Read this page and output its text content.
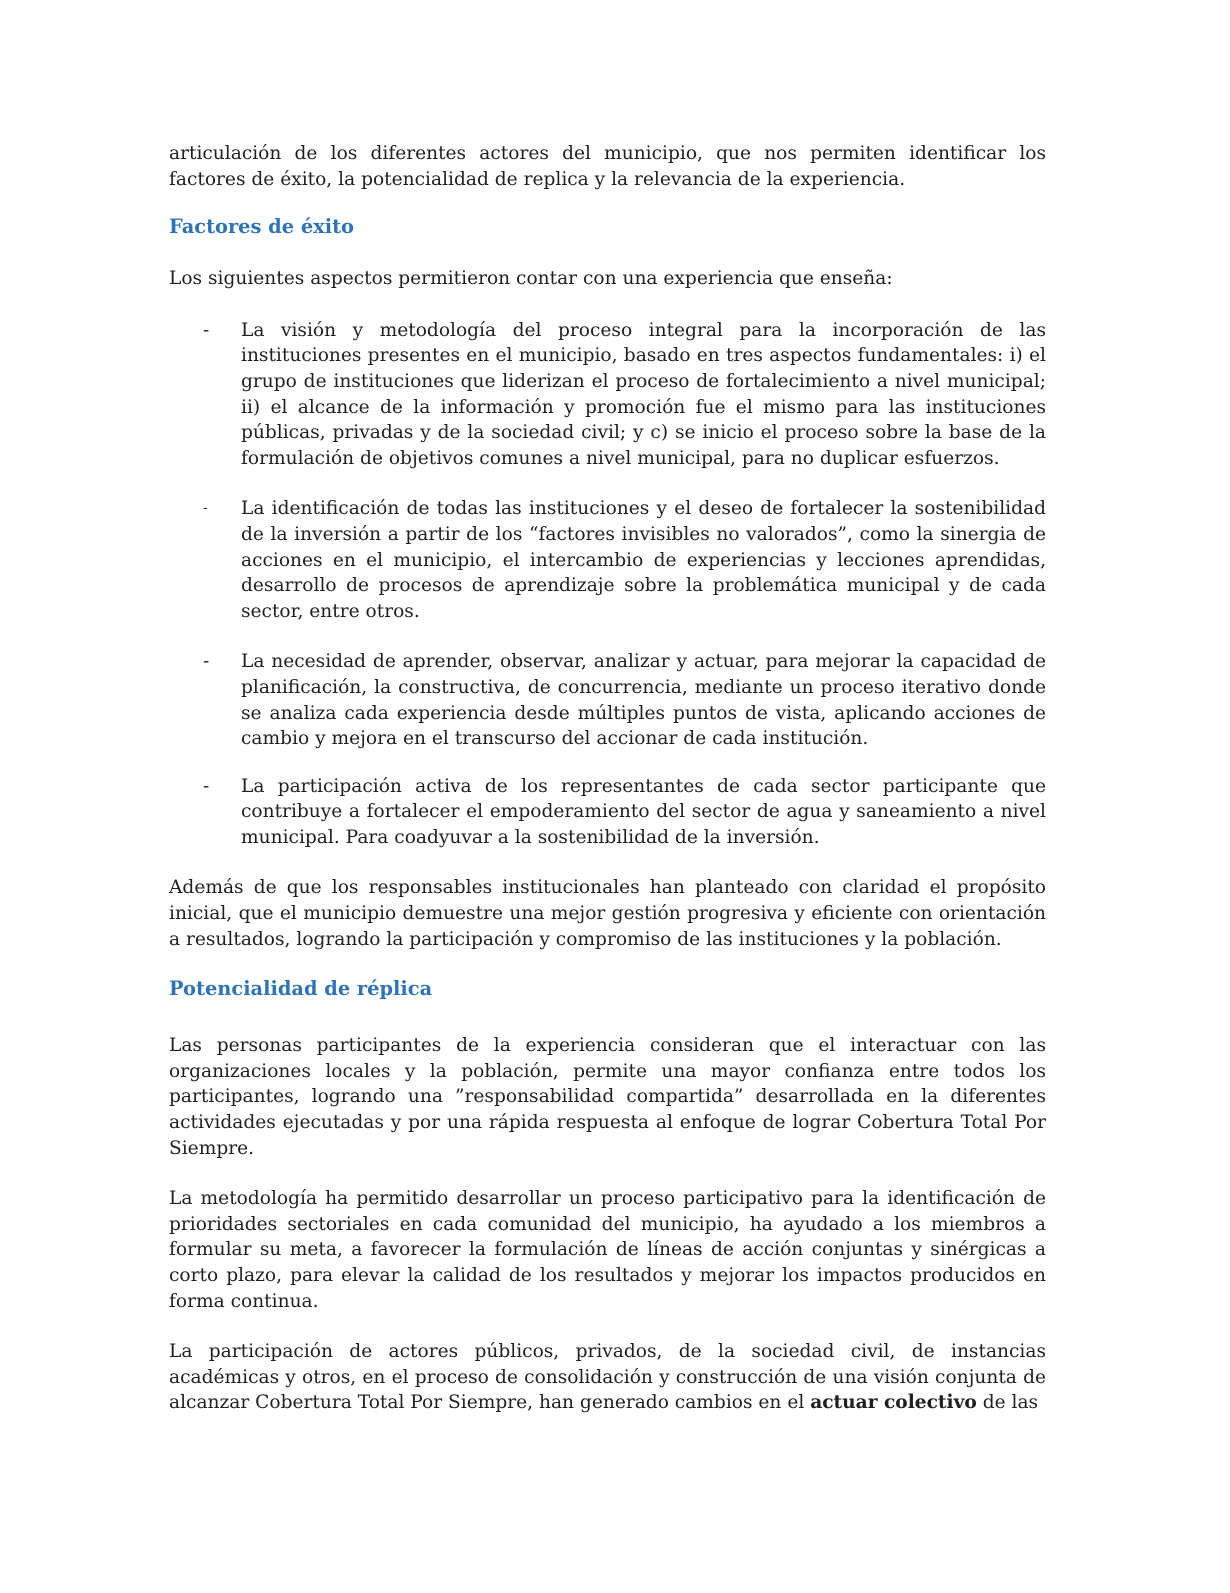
articulación de los diferentes actores del municipio, que nos permiten identificar los factores de éxito, la potencialidad de replica y la relevancia de la experiencia.

Factores de éxito

Los siguientes aspectos permitieron contar con una experiencia que enseña:

- La visión y metodología del proceso integral para la incorporación de las instituciones presentes en el municipio, basado en tres aspectos fundamentales: i) el grupo de instituciones que liderizan el proceso de fortalecimiento a nivel municipal; ii) el alcance de la información y promoción fue el mismo para las instituciones públicas, privadas y de la sociedad civil; y c) se inicio el proceso sobre la base de la formulación de objetivos comunes a nivel municipal, para no duplicar esfuerzos.

- La identificación de todas las instituciones y el deseo de fortalecer la sostenibilidad de la inversión a partir de los “factores invisibles no valorados”, como la sinergia de acciones en el municipio, el intercambio de experiencias y lecciones aprendidas, desarrollo de procesos de aprendizaje sobre la problemática municipal y de cada sector, entre otros.

- La necesidad de aprender, observar, analizar y actuar, para mejorar la capacidad de planificación, la constructiva, de concurrencia, mediante un proceso iterativo donde se analiza cada experiencia desde múltiples puntos de vista, aplicando acciones de cambio y mejora en el transcurso del accionar de cada institución.

- La participación activa de los representantes de cada sector participante que contribuye a fortalecer el empoderamiento del sector de agua y saneamiento a nivel municipal. Para coadyuvar a la sostenibilidad de la inversión.

Además de que los responsables institucionales han planteado con claridad el propósito inicial, que el municipio demuestre una mejor gestión progresiva y eficiente con orientación a resultados, logrando la participación y compromiso de las instituciones y la población.

Potencialidad de réplica

Las personas participantes de la experiencia consideran que el interactuar con las organizaciones locales y la población, permite una mayor confianza entre todos los participantes, logrando una ”responsabilidad compartida” desarrollada en la diferentes actividades ejecutadas y por una rápida respuesta al enfoque de lograr Cobertura Total Por Siempre.

La metodología ha permitido desarrollar un proceso participativo para la identificación de prioridades sectoriales en cada comunidad del municipio, ha ayudado a los miembros a formular su meta, a favorecer la formulación de líneas de acción conjuntas y sinérgicas a corto plazo, para elevar la calidad de los resultados y mejorar los impactos producidos en forma continua.

La participación de actores públicos, privados, de la sociedad civil, de instancias académicas y otros, en el proceso de consolidación y construcción de una visión conjunta de alcanzar Cobertura Total Por Siempre, han generado cambios en el actuar colectivo de las
